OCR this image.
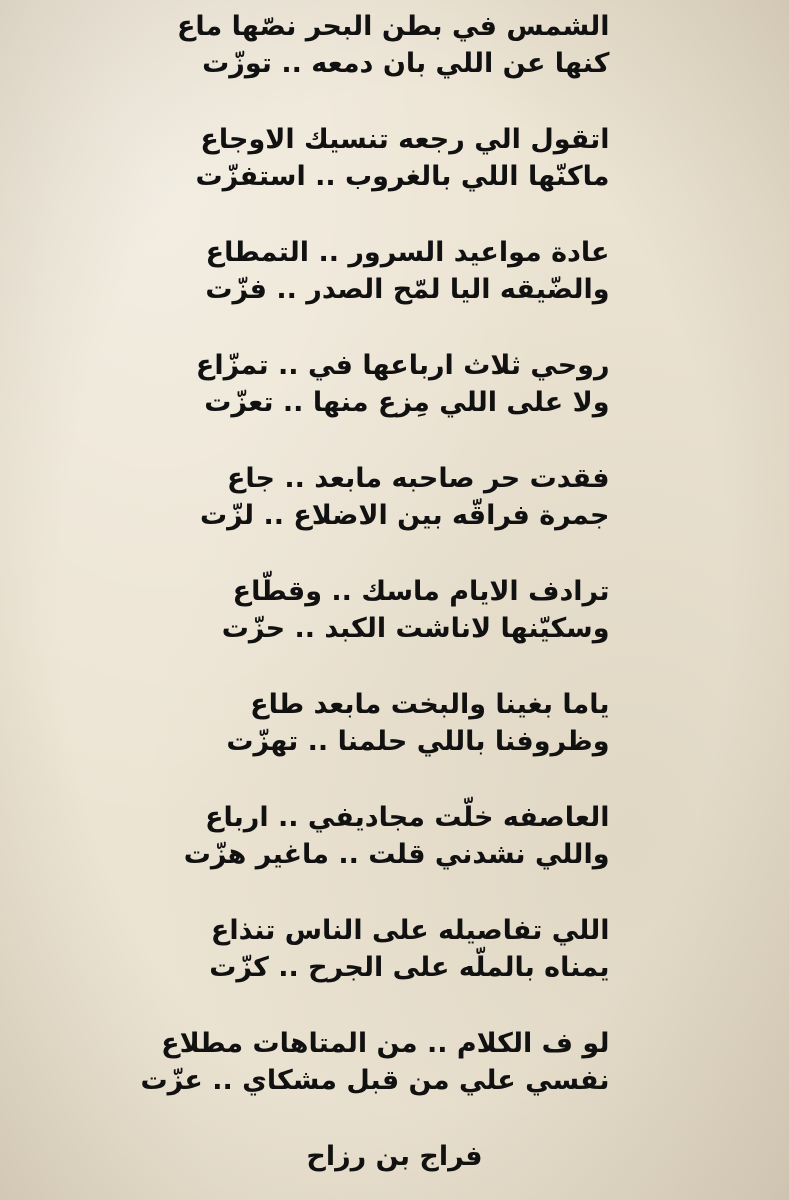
الشمس في بطن البحر نصّها ماع
كنها عن اللي بان دمعه .. توزّت
اتقول الي رجعه تنسيك الاوجاع
ماكنّها اللي بالغروب .. استفزّت
عادة مواعيد السرور .. التمطاع
والضّيقه اليا لمّح الصدر .. فزّت
روحي ثلاث ارباعها في .. تمزّاع
ولا على اللي مِزع منها .. تعزّت
فقدت حر صاحبه مابعد .. جاع
جمرة فراقّه بين الاضلاع .. لزّت
ترادف الايام ماسك .. وقطّاع
وسكيّنها لاناشت الكبد .. حزّت
ياما بغينا والبخت مابعد طاع
وظروفنا باللي حلمنا .. تهزّت
العاصفه خلّت مجاديفي .. ارباع
واللي نشدني قلت .. ماغير هزّت
اللي تفاصيله على الناس تنذاع
يمناه بالملّه على الجرح .. كزّت
لو ف الكلام .. من المتاهات مطلاع
نفسي علي من قبل مشكاي .. عزّت
فراج بن رزاح
